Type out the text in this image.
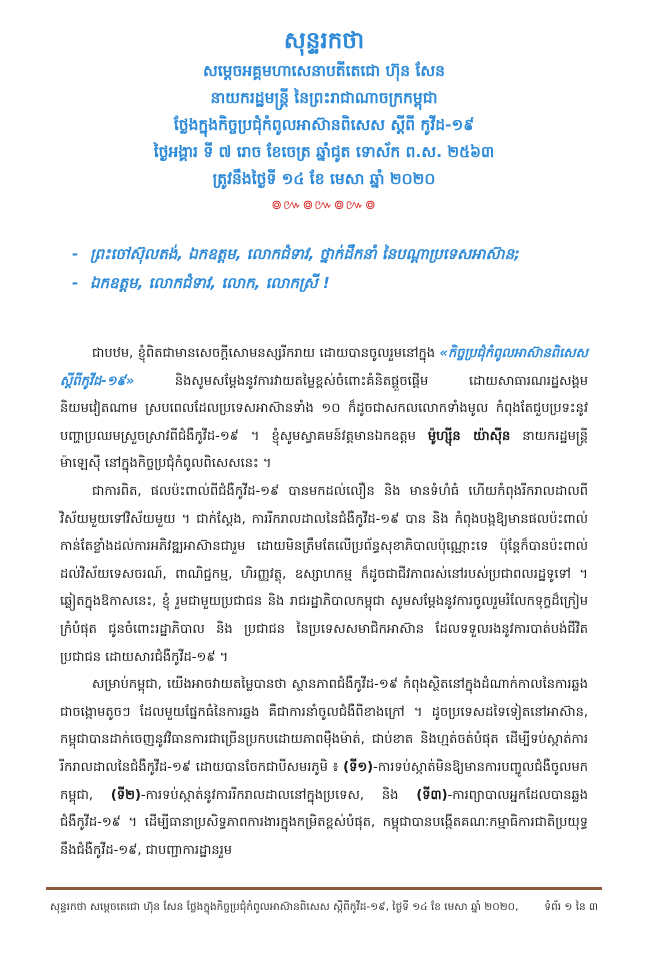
សុន្ទរកថា
សម្តេចអគ្គមហាសេនាបតីតេជោ ហ៊ុន សែន
នាយករដ្ឋមន្ត្រី នៃព្រះរាជាណាចក្រកម្ពុជា
ថ្លែងក្នុងកិច្ចប្រជុំកំពូលអាស៊ានពិសេស ស្តីពី កូវីដ-១៩
ថ្ងៃអង្គារ ទី ៧ រោច ខែចេត្រ ឆ្នាំជូត ទោស័ក ព.ស. ២៥៦៣
ត្រូវនឹងថ្ងៃទី ១៤ ខែ មេសា ឆ្នាំ ២០២០
៙៚៙៚៙៚៙
- ព្រះចៅស៊ុលតង់, ឯកឧត្តម, លោកជំទាវ, ថ្នាក់ដឹកនាំ នៃបណ្តាប្រទេសអាស៊ាន;
- ឯកឧត្តម, លោកជំទាវ, លោក, លោកស្រី !

ជាបឋម, ខ្ញុំពិតជាមានសេចក្តីសោមនស្សរីករាយ ដោយបានចូលរួមនៅក្នុង «កិច្ចប្រជុំកំពូលអាស៊ានពិសេស ស្តីពីកូវីដ-១៩» និងសូមសម្តែងនូវការវាយតម្លៃខ្ពស់ចំពោះគំនិតផ្តួចផ្តើម ដោយសាធារណរដ្ឋសង្គមនិយមវៀតណាម ស្របពេលដែលប្រទេសអាស៊ានទាំង ១០ ក៏ដូចជាសកលលោកទាំងមូល កំពុងតែជួបប្រទះនូវបញ្ហាប្រឈមស្រួចស្រាវពីជំងឺកូវីដ-១៩ ។ ខ្ញុំសូមស្វាគមន៍វត្តមានឯកឧត្តម ម៉ូហ្ស៊ីន យ៉ាស៊ីន នាយករដ្ឋមន្ត្រីម៉ាឡេស៊ី នៅក្នុងកិច្ចប្រជុំកំពូលពិសេសនេះ ។

ជាការពិត, ផលប៉ះពាល់ពីជំងឺកូវីដ-១៩ បានមកដល់លឿន និង មានទំហំធំ ហើយកំពុងរីករាលដាលពីវិស័យមួយទៅវិស័យមួយ ។ ជាក់ស្តែង, ការរីករាលដាលនៃជំងឺកូវីដ-១៩ បាន និង កំពុងបង្កឱ្យមានផលប៉ះពាល់កាន់តែខ្លាំងដល់ការអភិវឌ្ឍអាស៊ានជារួម ដោយមិនត្រឹមតែលើប្រព័ន្ធសុខាភិបាលប៉ុណ្ណោះទេ ប៉ុន្តែក៏បានប៉ះពាល់ដល់វិស័យទេសចរណ៍, ពាណិជ្ជកម្ម, ហិរញ្ញវត្ថុ, ឧស្សាហកម្ម ក៏ដូចជាជីវភាពរស់នៅរបស់ប្រជាពលរដ្ឋទូទៅ ។ ឆ្លៀតក្នុងឱកាសនេះ, ខ្ញុំ រួមជាមួយប្រជាជន និង រាជរដ្ឋាភិបាលកម្ពុជា សូមសម្តែងនូវការចូលរួមរំលែកទុក្ខដ៏ក្រៀមក្រំបំផុត ជូនចំពោះរដ្ឋាភិបាល និង ប្រជាជន នៃប្រទេសសមាជិកអាស៊ាន ដែលទទួលរងនូវការបាត់បង់ជីវិតប្រជាជន ដោយសារជំងឺកូវីដ-១៩ ។

សម្រាប់កម្ពុជា, យើងអាចវាយតម្លៃបានថា ស្ថានភាពជំងឺកូវីដ-១៩ កំពុងស្ថិតនៅក្នុងដំណាក់កាលនៃការឆ្លងជាចង្កោមតូចៗ ដែលមួយផ្នែកធំនៃការឆ្លង គឺជាការនាំចូលជំងឺពីខាងក្រៅ ។ ដូចប្រទេសដទៃទៀតនៅអាស៊ាន, កម្ពុជាបានដាក់ចេញនូវវិធានការជាច្រើនប្រកបដោយភាពម៉ឺងម៉ាត់, ជាប់ខាត និងហ្មត់ចត់បំផុត ដើម្បីទប់ស្កាត់ការរីករាលដាលនៃជំងឺកូវីដ-១៩ ដោយបានចែកជាបីសមរភូមិ ៖ (ទី១)-ការទប់ស្កាត់មិនឱ្យមានការបញ្ចូលជំងឺចូលមកកម្ពុជា, (ទី២)-ការទប់ស្កាត់នូវការរីករាលដាលនៅក្នុងប្រទេស, និង (ទី៣)-ការព្យាបាលអ្នកដែលបានឆ្លងជំងឺកូវីដ-១៩ ។ ដើម្បីធានាប្រសិទ្ធភាពការងារក្នុងកម្រិតខ្ពស់បំផុត, កម្ពុជាបានបង្កើតគណៈកម្មាធិការជាតិប្រយុទ្ធនឹងជំងឺកូវីដ-១៩, ជាបញ្ជាការដ្ឋានរួម

សុន្ទរកថា សម្តេចតេជោ ហ៊ុន សែន ថ្លែងក្នុងកិច្ចប្រជុំកំពូលអាស៊ានពិសេស ស្តីពីកូវីដ-១៩, ថ្ងៃទី ១៤ ខែ មេសា ឆ្នាំ ២០២០, ទំព័រ ១ នៃ ៣
